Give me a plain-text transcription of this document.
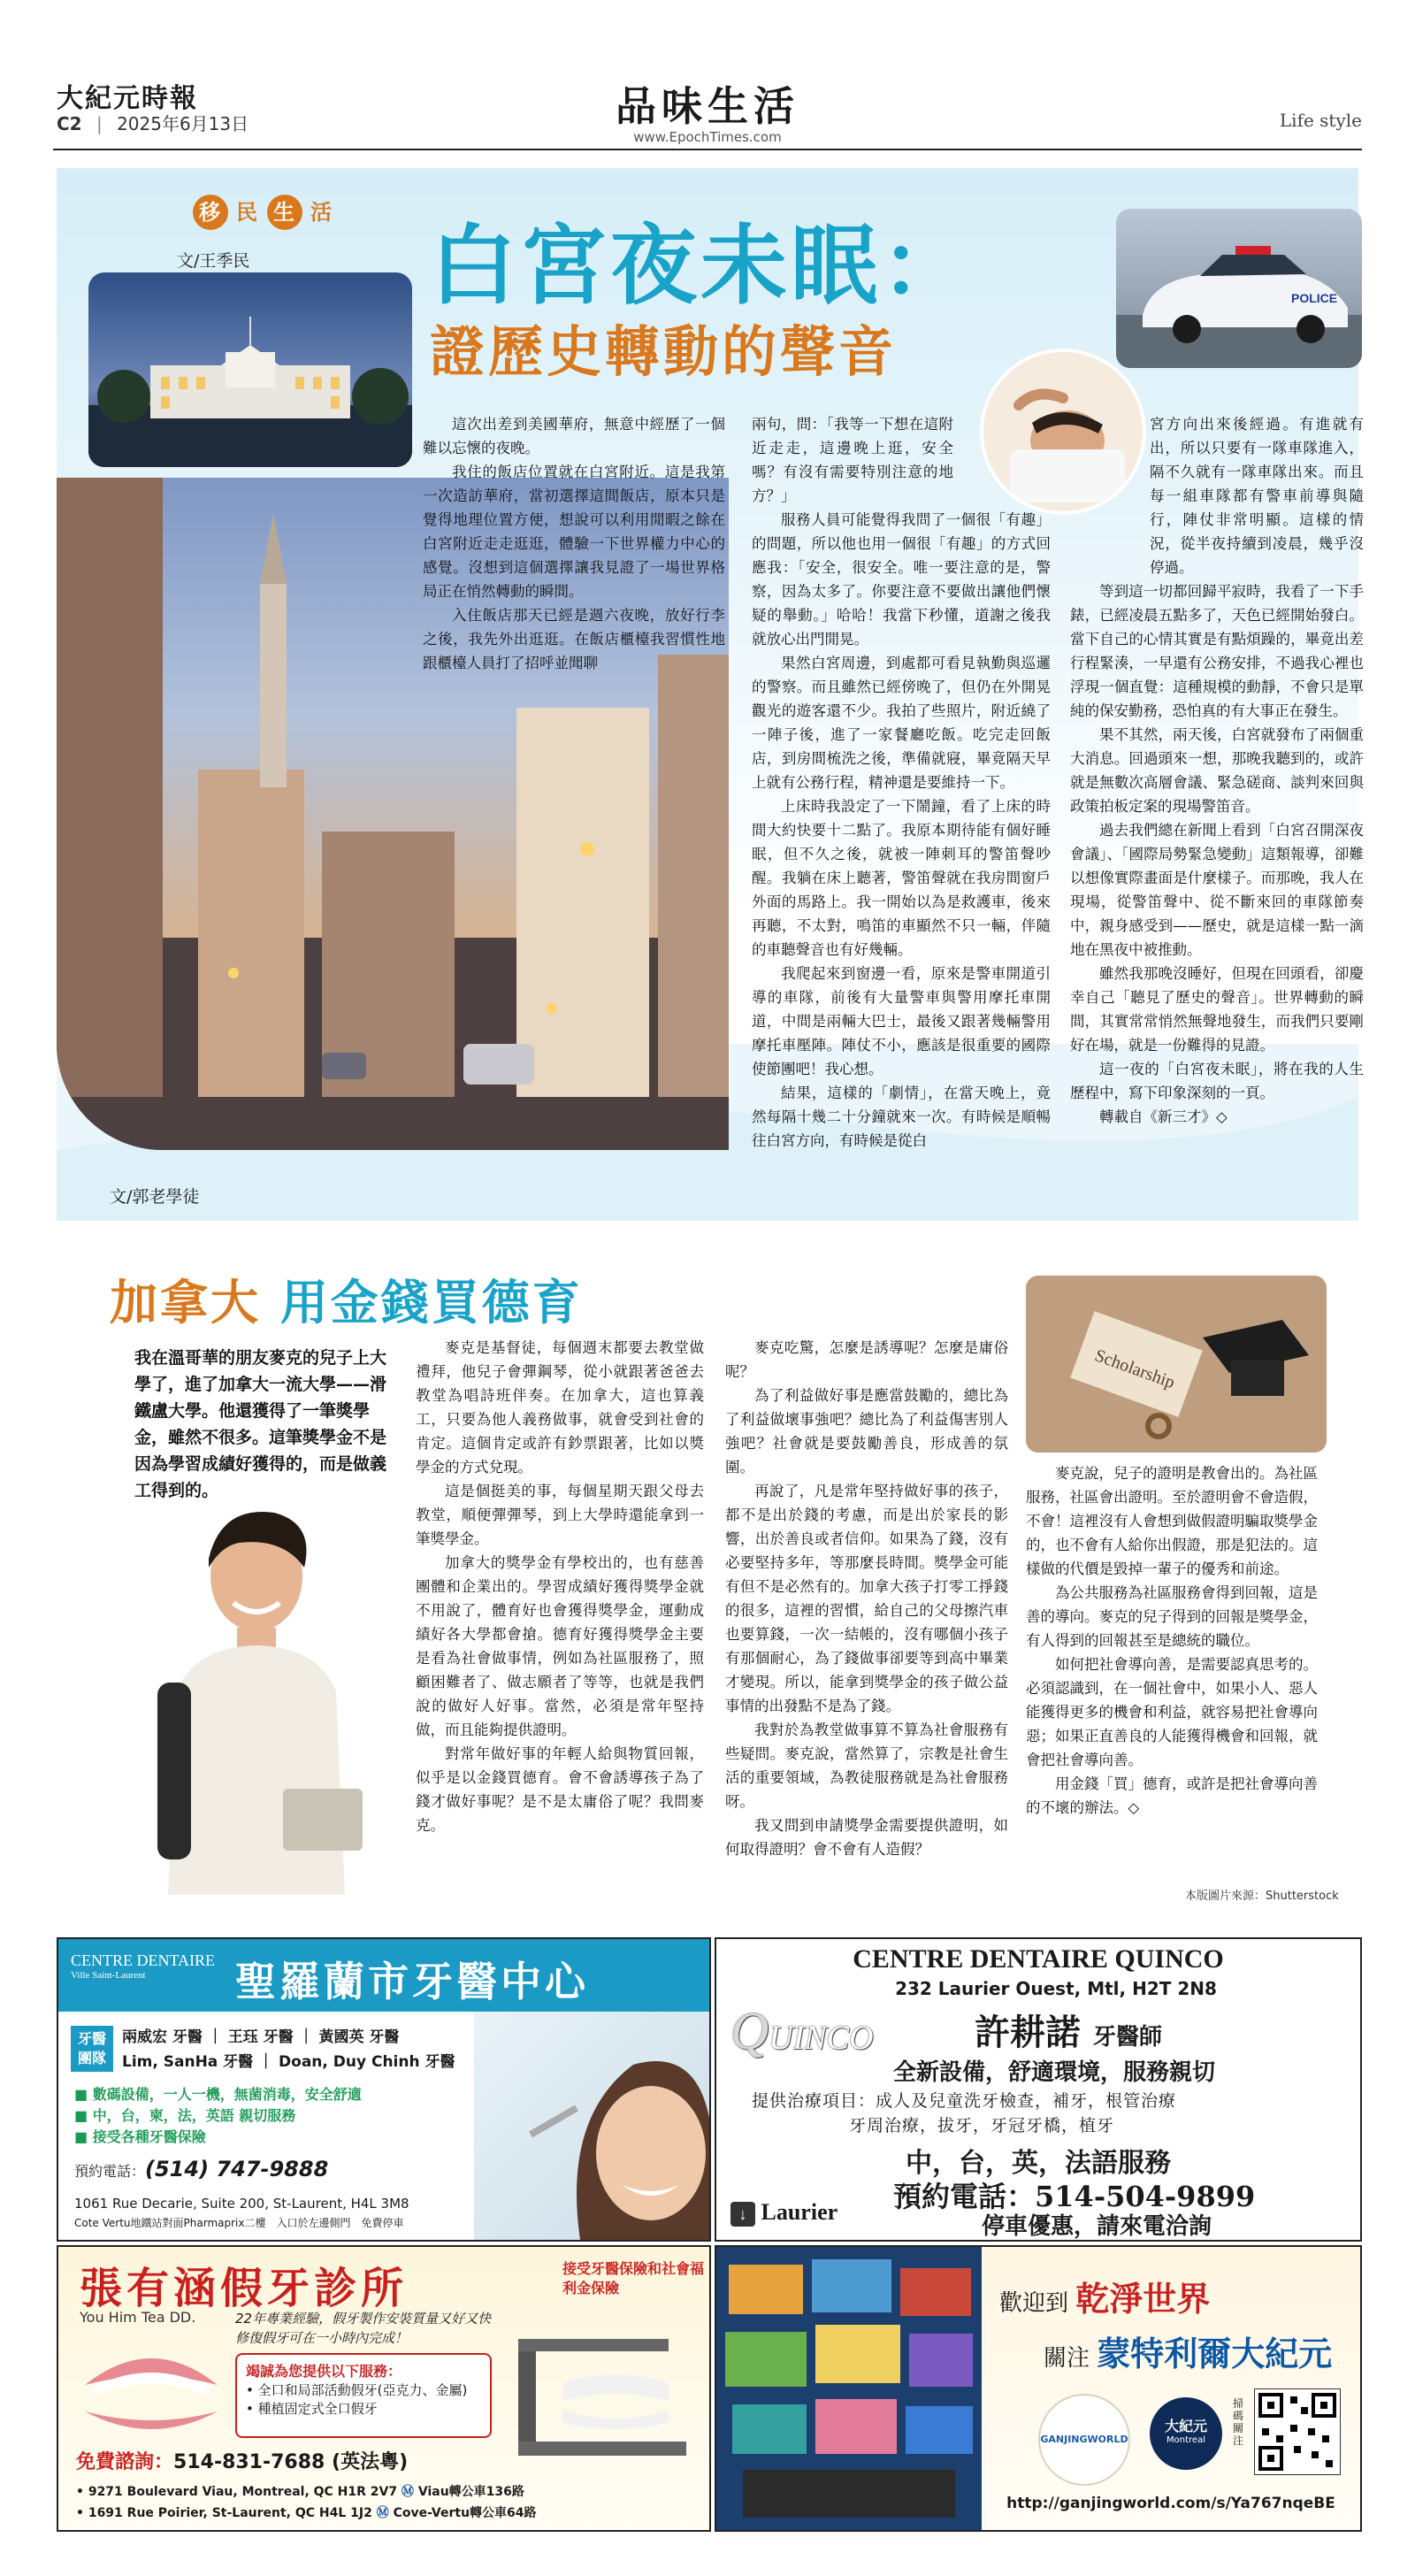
大紀元時報
C2 | 2025年6月13日	品味生活
www.EpochTimes.com
Life style
移 民 生 活
文/王季民 白宮夜未眠：
證歷史轉動的聲音
POLICE

這次出差到美國華府，無意中經歷了一個難以忘懷的夜晚。

我住的飯店位置就在白宮附近。這是我第一次造訪華府，當初選擇這間飯店，原本只是覺得地理位置方便，想說可以利用閒暇之餘在白宮附近走走逛逛，體驗一下世界權力中心的感覺。沒想到這個選擇讓我見證了一場世界格局正在悄然轉動的瞬間。

入住飯店那天已經是週六夜晚，放好行李之後，我先外出逛逛。在飯店櫃檯我習慣性地跟櫃檯人員打了招呼並聞聊

兩句，問：「我等一下想在這附近走走，這邊晚上逛，安全嗎？有沒有需要特別注意的地方？」

服務人員可能覺得我問了一個很「有趣」的問題，所以他也用一個很「有趣」的方式回應我：「安全，很安全。唯一要注意的是，警察，因為太多了。你要注意不要做出讓他們懷疑的舉動。」哈哈！我當下秒懂，道謝之後我就放心出門閒晃。

果然白宮周邊，到處都可看見執勤與巡邏的警察。而且雖然已經傍晚了，但仍在外開晃觀光的遊客還不少。我拍了些照片，附近繞了一陣子後，進了一家餐廳吃飯。吃完走回飯店，到房間梳洗之後，準備就寢，畢竟隔天早上就有公務行程，精神還是要維持一下。

上床時我設定了一下鬧鐘，看了上床的時間大約快要十二點了。我原本期待能有個好睡眠，但不久之後，就被一陣刺耳的警笛聲吵醒。我躺在床上聽著，警笛聲就在我房間窗戶外面的馬路上。我一開始以為是救護車，後來再聽，不太對，鳴笛的車顯然不只一輛，伴隨的車聽聲音也有好幾輛。

我爬起來到窗邊一看，原來是警車開道引導的車隊，前後有大量警車與警用摩托車開道，中間是兩輛大巴士，最後又跟著幾輛警用摩托車壓陣。陣仗不小，應該是很重要的國際使節團吧！我心想。

結果，這樣的「劇情」，在當天晚上，竟然每隔十幾二十分鐘就來一次。有時候是順暢往白宮方向，有時候是從白

宮方向出來後經過。有進就有出，所以只要有一隊車隊進入，隔不久就有一隊車隊出來。而且每一組車隊都有警車前導與隨行，陣仗非常明顯。這樣的情況，從半夜持續到凌晨，幾乎沒停過。

等到這一切都回歸平寂時，我看了一下手錶，已經凌晨五點多了，天色已經開始發白。當下自己的心情其實是有點煩躁的，畢竟出差行程緊湊，一早還有公務安排，不過我心裡也浮現一個直覺：這種規模的動靜，不會只是單純的保安勤務，恐怕真的有大事正在發生。

果不其然，兩天後，白宮就發布了兩個重大消息。回過頭來一想，那晚我聽到的，或許就是無數次高層會議、緊急磋商、談判來回與政策拍板定案的現場警笛音。

過去我們總在新聞上看到「白宮召開深夜會議」、「國際局勢緊急變動」這類報導，卻難以想像實際畫面是什麼樣子。而那晚，我人在現場，從警笛聲中、從不斷來回的車隊節奏中，親身感受到——歷史，就是這樣一點一滴地在黑夜中被推動。

雖然我那晚沒睡好，但現在回頭看，卻慶幸自己「聽見了歷史的聲音」。世界轉動的瞬間，其實常常悄然無聲地發生，而我們只要剛好在場，就是一份難得的見證。

這一夜的「白宮夜未眠」，將在我的人生歷程中，寫下印象深刻的一頁。

轉載自《新三才》◇

文/郭老學徒
加拿大 用金錢買德育
我在溫哥華的朋友麥克的兒子上大學了，進了加拿大一流大學——滑鐵盧大學。他還獲得了一筆獎學金，雖然不很多。這筆獎學金不是因為學習成績好獲得的，而是做義工得到的。
Scholarship

麥克是基督徒，每個週末都要去教堂做禮拜，他兒子會彈鋼琴，從小就跟著爸爸去教堂為唱詩班伴奏。在加拿大，這也算義工，只要為他人義務做事，就會受到社會的肯定。這個肯定或許有鈔票跟著，比如以獎學金的方式兌現。

這是個挺美的事，每個星期天跟父母去教堂，順便彈彈琴，到上大學時還能拿到一筆獎學金。

加拿大的獎學金有學校出的，也有慈善團體和企業出的。學習成績好獲得獎學金就不用說了，體育好也會獲得獎學金，運動成績好各大學都會搶。德育好獲得獎學金主要是看為社會做事情，例如為社區服務了，照顧困難者了、做志願者了等等，也就是我們說的做好人好事。當然，必須是常年堅持做，而且能夠提供證明。

對常年做好事的年輕人給與物質回報，似乎是以金錢買德育。會不會誘導孩子為了錢才做好事呢？是不是太庸俗了呢？我問麥克。

麥克吃驚，怎麼是誘導呢？怎麼是庸俗呢？

為了利益做好事是應當鼓勵的，總比為了利益做壞事強吧？總比為了利益傷害別人強吧？社會就是要鼓勵善良，形成善的氛圍。

再說了，凡是常年堅持做好事的孩子，都不是出於錢的考慮，而是出於家長的影響，出於善良或者信仰。如果為了錢，沒有必要堅持多年，等那麼長時間。獎學金可能有但不是必然有的。加拿大孩子打零工掙錢的很多，這裡的習慣，給自己的父母擦汽車也要算錢，一次一結帳的，沒有哪個小孩子有那個耐心，為了錢做事卻要等到高中畢業才變現。所以，能拿到獎學金的孩子做公益事情的出發點不是為了錢。

我對於為教堂做事算不算為社會服務有些疑問。麥克說，當然算了，宗教是社會生活的重要領域，為教徒服務就是為社會服務呀。

我又問到申請獎學金需要提供證明，如何取得證明？會不會有人造假？

麥克說，兒子的證明是教會出的。為社區服務，社區會出證明。至於證明會不會造假，不會！這裡沒有人會想到做假證明騙取獎學金的，也不會有人給你出假證，那是犯法的。這樣做的代價是毀掉一輩子的優秀和前途。

為公共服務為社區服務會得到回報，這是善的導向。麥克的兒子得到的回報是獎學金，有人得到的回報甚至是總統的職位。

如何把社會導向善，是需要認真思考的。必須認識到，在一個社會中，如果小人、惡人能獲得更多的機會和利益，就容易把社會導向惡；如果正直善良的人能獲得機會和回報，就會把社會導向善。

用金錢「買」德育，或許是把社會導向善的不壞的辦法。◇

本版圖片來源：Shutterstock
CENTRE DENTAIRE
Ville Saint-Laurent	聖羅蘭市牙醫中心
牙醫
團隊
兩威宏 牙醫 ｜ 王珏 牙醫 ｜ 黃國英 牙醫
Lim, SanHa 牙醫 ｜ Doan, Duy Chinh 牙醫
■ 數碼設備，一人一機，無菌消毒，安全舒適
■ 中，台，柬，法，英語 親切服務
■ 接受各種牙醫保險
預約電話：(514) 747-9888
1061 Rue Decarie, Suite 200, St-Laurent, H4L 3M8
Cote Vertu地鐵站對面Pharmaprix二樓　入口於左邊側門　免費停車
CENTRE DENTAIRE QUINCO
232 Laurier Ouest, Mtl, H2T 2N8
QUINCO	許耕諾 牙醫師
全新設備，舒適環境，服務親切
提供治療項目：成人及兒童洗牙檢查，補牙，根管治療
牙周治療，拔牙，牙冠牙橋，植牙
中，台，英，法語服務
預約電話：514-504-9899
↓ Laurier
停車優惠，請來電洽詢
張有涵假牙診所	接受牙醫保險和社會福利金保險
You Him Tea DD.	22年專業經驗，假牙製作安裝質量又好又快
修復假牙可在一小時內完成！
竭誠為您提供以下服務：
• 全口和局部活動假牙(亞克力、金屬)
• 種植固定式全口假牙
免費諮詢：514-831-7688 (英法粵)
• 9271 Boulevard Viau, Montreal, QC H1R 2V7 Ⓜ Viau轉公車136路
• 1691 Rue Poirier, St-Laurent, QC H4L 1J2 Ⓜ Cove-Vertu轉公車64路
歡迎到 乾淨世界
關注 蒙特利爾大紀元
GANJINGWORLD
大紀元
Montreal
掃碼關注
http://ganjingworld.com/s/Ya767nqeBE
